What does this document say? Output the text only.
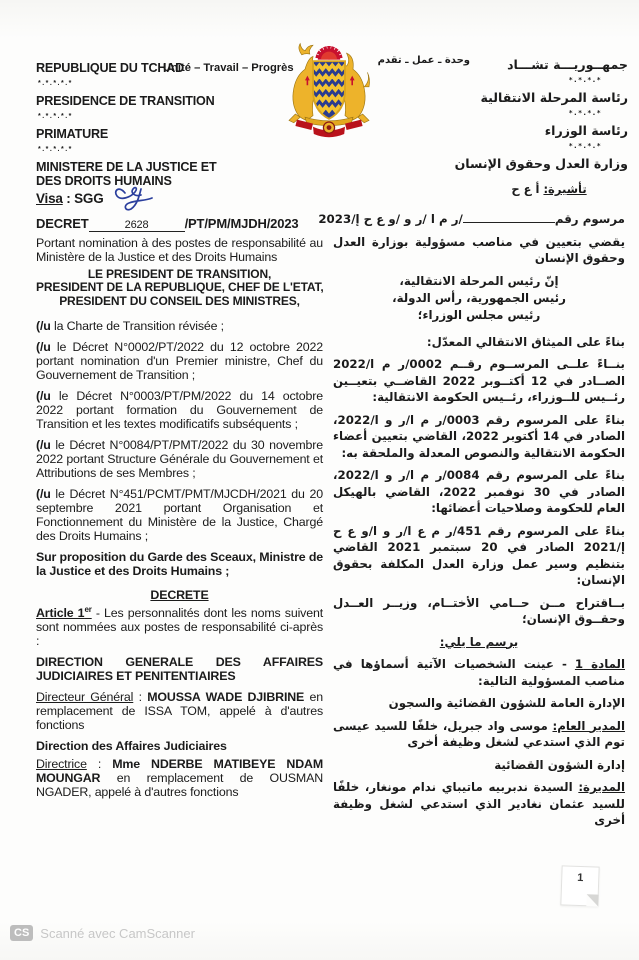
REPUBLIQUE DU TCHAD
*.*.*.*.*
PRESIDENCE DE TRANSITION
*.*.*.*.*
PRIMATURE
*.*.*.*.*
MINISTERE DE LA JUSTICE ET DES DROITS HUMAINS
Unité – Travail – Progrès
وحدة ـ عمل ـ تقدم	جمهــوريـــة تشـــاد
*.*.*.*
رئاسة المرحلة الانتقالية
*.*.*.*
رئاسة الوزراء
*.*.*.*
وزارة العدل وحقوق الإنسان
Visa : SGG
تأشيرة: أ ع ح

DECRET	2628	/PT/PM/MJDH/2023

Portant nomination à des postes de responsabilité au Ministère de la Justice et des Droits Humains

LE PRESIDENT DE TRANSITION,
PRESIDENT DE LA REPUBLIQUE, CHEF DE L'ETAT,
PRESIDENT DU CONSEIL DES MINISTRES,

(/u la Charte de Transition révisée ;

(/u le Décret N°0002/PT/2022 du 12 octobre 2022 portant nomination d'un Premier ministre, Chef du Gouvernement de Transition ;

(/u le Décret N°0003/PT/PM/2022 du 14 octobre 2022 portant formation du Gouvernement de Transition et les textes modificatifs subséquents ;

(/u le Décret N°0084/PT/PMT/2022 du 30 novembre 2022 portant Structure Générale du Gouvernement et Attributions de ses Membres ;

(/u le Décret N°451/PCMT/PMT/MJCDH/2021 du 20 septembre 2021 portant Organisation et Fonctionnement du Ministère de la Justice, Chargé des Droits Humains ;

Sur proposition du Garde des Sceaux, Ministre de la Justice et des Droits Humains ;

DECRETE

Article 1er - Les personnalités dont les noms suivent sont nommées aux postes de responsabilité ci-après :

DIRECTION GENERALE DES AFFAIRES JUDICIAIRES ET PENITENTIAIRES

Directeur Général : MOUSSA WADE DJIBRINE en remplacement de ISSA TOM, appelé à d'autres fonctions

Direction des Affaires Judiciaires

Directrice : Mme NDERBE MATIBEYE NDAM MOUNGAR en remplacement de OUSMAN NGADER, appelé à d'autres fonctions

مرسوم رقم/ر م ا /ر و /و ع ح إ/2023

يقضي بتعيين في مناصب مسؤولية بوزارة العدل وحقوق الإنسان

إنّ رئيس المرحلة الانتقالية،
رئيس الجمهورية، رأس الدولة،
رئيس مجلس الوزراء؛

بناءً على الميثاق الانتقالي المعدّل:

بنــاءً علــى المرســوم رقــم 0002/ر م ا/2022 الصــادر في 12 أكتــوبر 2022 القاضــي بتعيــين رئــيس للــوزراء، رئــيس الحكومة الانتقالية:

بناءً على المرسوم رقم 0003/ر م ا/ر و ا/2022، الصادر في 14 أكتوبر 2022، القاضي بتعيين أعضاء الحكومة الانتقالية والنصوص المعدلة والملحقة به:

بناءً على المرسوم رقم 0084/ر م ا/ر و ا/2022، الصادر في 30 نوفمبر 2022، القاضي بالهيكل العام للحكومة وصلاحيات أعضائها:

بناءً على المرسوم رقم 451/ر م ع ا/ر و ا/و ع ح إ/2021 الصادر في 20 سبتمبر 2021 القاضي بتنظيم وسير عمل وزارة العدل المكلفة بحقوق الإنسان:

بــاقتراح مــن حــامي الأختــام، وزيــر العــدل وحقــوق الإنسان؛

يرسم ما يلي:

المادة 1 - عينت الشخصيات الآتية أسماؤها في مناصب المسؤولية التالية:

الإدارة العامة للشؤون القضائية والسجون

المدير العام: موسى واد جبريل، خلفًا للسيد عيسى توم الذي استدعي لشغل وظيفة أخرى

إدارة الشؤون القضائية

المديرة: السيدة ندبربيه ماتيباي ندام مونغار، خلفًا للسيد عثمان نغادير الذي استدعي لشغل وظيفة أخرى

1
CS Scanné avec CamScanner
